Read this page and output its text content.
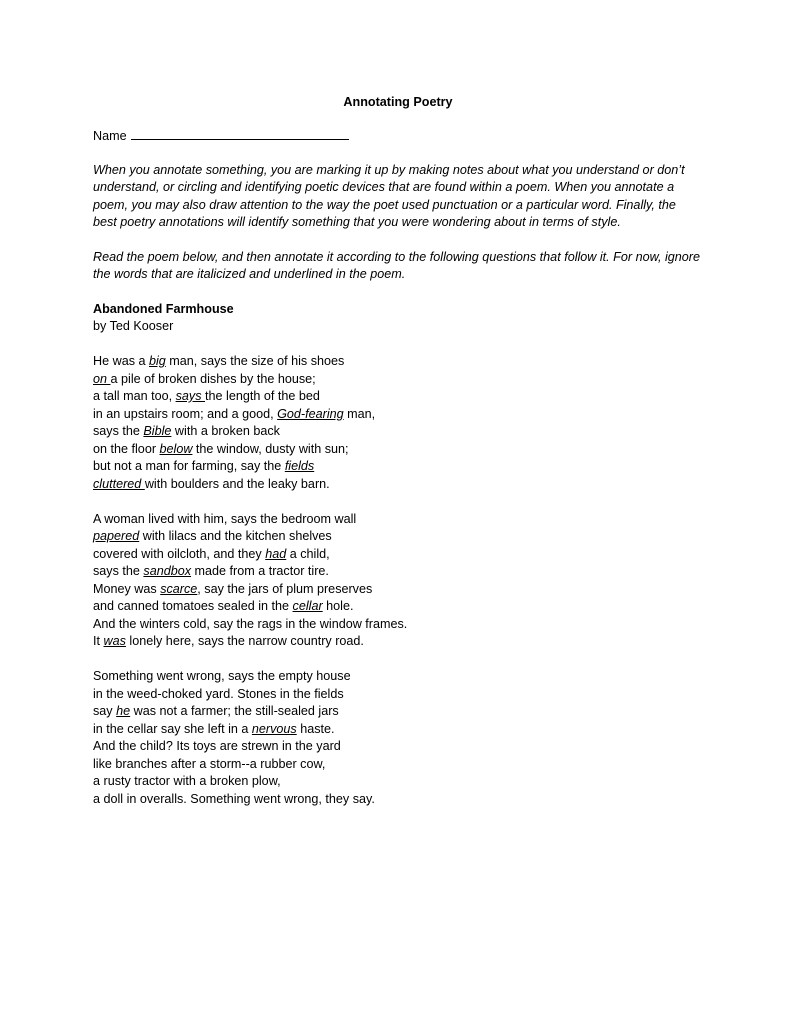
Annotating Poetry
Name

When you annotate something, you are marking it up by making notes about what you understand or don’t understand, or circling and identifying poetic devices that are found within a poem. When you annotate a poem, you may also draw attention to the way the poet used punctuation or a particular word. Finally, the best poetry annotations will identify something that you were wondering about in terms of style.

Read the poem below, and then annotate it according to the following questions that follow it. For now, ignore the words that are italicized and underlined in the poem.

Abandoned Farmhouse
by Ted Kooser
He was a big man, says the size of his shoes
on a pile of broken dishes by the house;
a tall man too, says the length of the bed
in an upstairs room; and a good, God-fearing man,
says the Bible with a broken back
on the floor below the window, dusty with sun;
but not a man for farming, say the fields
cluttered with boulders and the leaky barn.
A woman lived with him, says the bedroom wall
papered with lilacs and the kitchen shelves
covered with oilcloth, and they had a child,
says the sandbox made from a tractor tire.
Money was scarce, say the jars of plum preserves
and canned tomatoes sealed in the cellar hole.
And the winters cold, say the rags in the window frames.
It was lonely here, says the narrow country road.
Something went wrong, says the empty house
in the weed-choked yard. Stones in the fields
say he was not a farmer; the still-sealed jars
in the cellar say she left in a nervous haste.
And the child? Its toys are strewn in the yard
like branches after a storm--a rubber cow,
a rusty tractor with a broken plow,
a doll in overalls. Something went wrong, they say.
